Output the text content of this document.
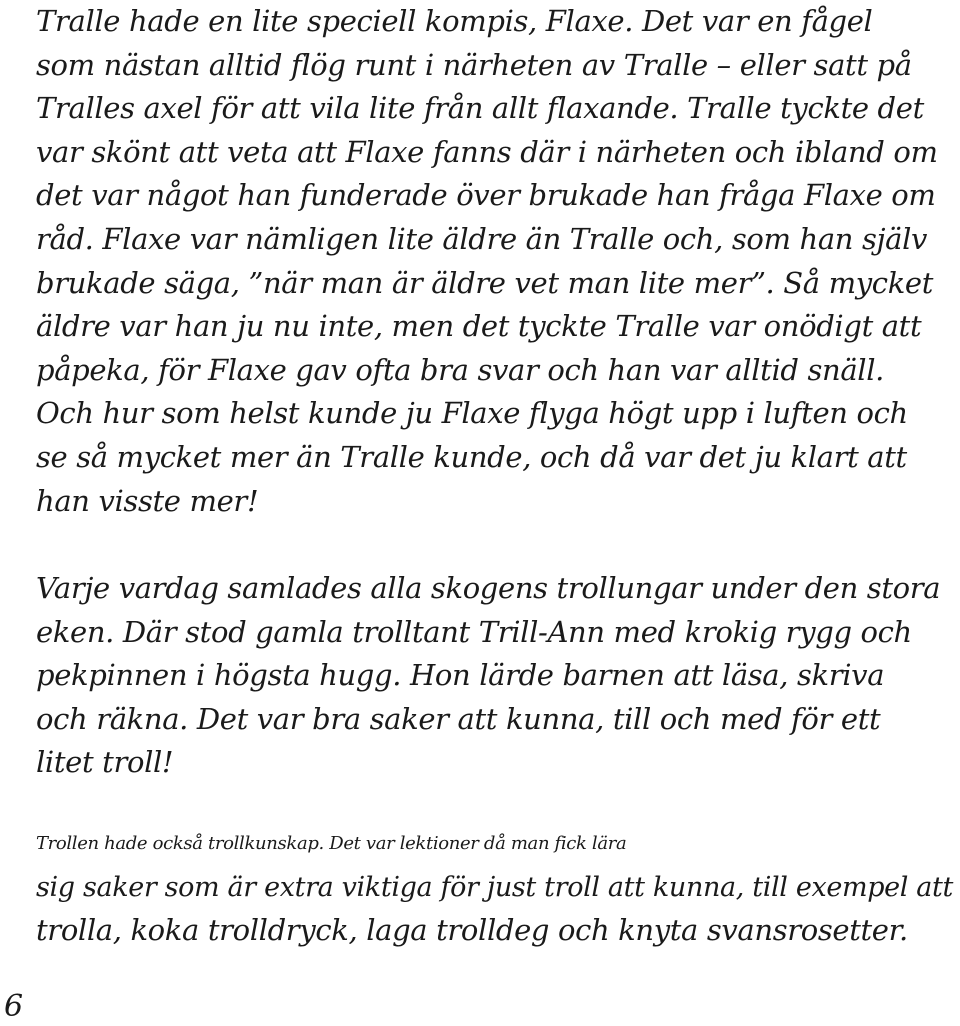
Tralle hade en lite speciell kompis, Flaxe. Det var en fågel
som nästan alltid flög runt i närheten av Tralle – eller satt på
Tralles axel för att vila lite från allt flaxande. Tralle tyckte det
var skönt att veta att Flaxe fanns där i närheten och ibland om
det var något han funderade över brukade han fråga Flaxe om
råd. Flaxe var nämligen lite äldre än Tralle och, som han själv
brukade säga, ”när man är äldre vet man lite mer”. Så mycket
äldre var han ju nu inte, men det tyckte Tralle var onödigt att
påpeka, för Flaxe gav ofta bra svar och han var alltid snäll.
Och hur som helst kunde ju Flaxe flyga högt upp i luften och
se så mycket mer än Tralle kunde, och då var det ju klart att
han visste mer!
Varje vardag samlades alla skogens trollungar under den stora
eken. Där stod gamla trolltant Trill-Ann med krokig rygg och
pekpinnen i högsta hugg. Hon lärde barnen att läsa, skriva
och räkna. Det var bra saker att kunna, till och med för ett
litet troll!
Trollen hade också trollkunskap. Det var lektioner då man fick lära
sig saker som är extra viktiga för just troll att kunna, till exempel att
trolla, koka trolldryck, laga trolldeg och knyta svansrosetter.
6
